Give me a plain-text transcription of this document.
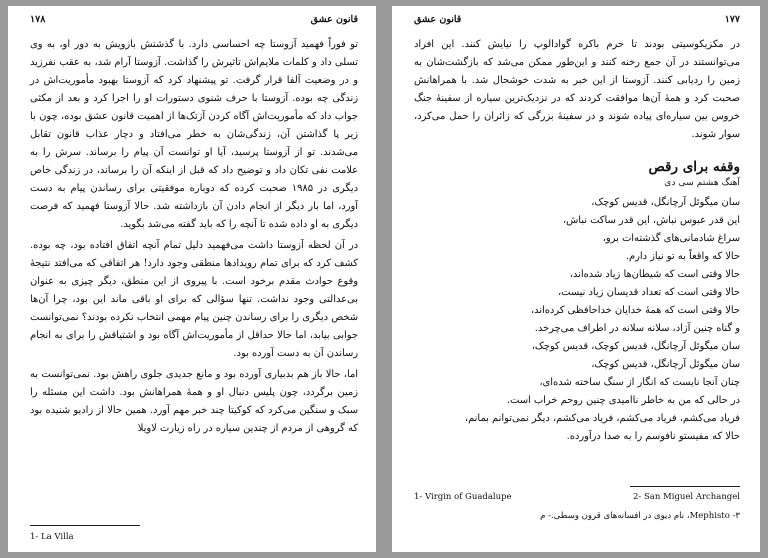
قانون عشق
۱۷۸

تو فوراً فهمید آزوستا چه احساسی دارد. با گذشتش بازویش به دور او، به وی تسلی داد و کلمات ملایم‌اش تاثیرش را گذاشت. آزوستا آرام شد، به عقب نفرزید و در وضعیت آلفا قرار گرفت. تو پیشنهاد کرد که آزوستا بهبود مأموریت‌اش در زندگی چه بوده. آزوستا با حرف شنوی دستورات او را اجرا کرد و بعد از مکثی جواب داد که مأموریت‌اش آگاه کردن آزتک‌ها از اهمیت قانون عشق بوده، چون با زیر پا گذاشتن آن، زندگی‌شان به خطر می‌افتاد و دچار عذاب قانون تقابل می‌شدند. تو از آزوستا پرسید، آیا او توانست آن پیام را برساند. سرش را به علامت نفی تکان داد و توضیح داد که قبل از اینکه آن را برساند، در زندگی خاص دیگری در ۱۹۸۵ صحبت کرده که دوباره موفقیتی برای رساندن پیام به دست آورد، اما بار دیگر از انجام دادن آن بازداشته شد. حالا آزوستا فهمید که فرصت دیگری به او داده شده تا آنچه را که باید گفته می‌شد بگوید.

در آن لحظه آزوستا داشت می‌فهمید دلیل تمام آنچه اتفاق افتاده بود، چه بوده. کشف کرد که برای تمام رویدادها منطقی وجود دارد! هر اتفاقی که می‌افتد نتیجهٔ وقوع حوادث مقدم برخود است. با پیروی از این منطق، دیگر چیزی به عنوان بی‌عدالتی وجود نداشت. تنها سؤالی که برای او باقی ماند این بود، چرا آن‌ها شخص دیگری را برای رساندن چنین پیام مهمی انتخاب نکرده بودند؟ نمی‌توانست جوابی بیابد، اما حالا حداقل از مأموریت‌اش آگاه بود و اشتیاقش را برای به انجام رساندن آن به دست آورده بود.

اما، حالا باز هم بدبیاری آورده بود و مانع جدیدی جلوی راهش بود. نمی‌توانست به زمین برگردد، چون پلیس دنبال او و همهٔ همراهانش بود. داشت این مسئله را سبک و سنگین می‌کرد که کوکیتا چند خبر مهم آورد. همین حالا از رادیو شنیده بود که گروهی از مردم از چندین سیاره در راه زیارت لاویلا

1- La Villa
۱۷۷
قانون عشق

در مکزیکوسیتی بودند تا حرم باکره گوادالوپ را نیایش کنند. این افراد می‌توانستند در آن جمع رخنه کنند و این‌طور ممکن می‌شد که بازگشت‌شان به زمین را ردیابی کنند. آزوستا از این خبر به شدت خوشحال شد. با همراهانش صحبت کرد و همهٔ آن‌ها موافقت کردند که در نزدیک‌ترین سیاره از سفینهٔ جنگ خروس بین سیاره‌ای پیاده شوند و در سفینهٔ بزرگی که زائران را حمل می‌کرد، سوار شوند.

وقفه برای رقص
آهنگ هشتم سی دی
سان میگوئل آرچانگل، قدیس کوچک،
این قدر عبوس نباش، این قدر ساکت نباش،
سراغ شادمانی‌های گذشته‌ات برو،
حالا که واقعاً به تو نیاز دارم.
حالا وقتی است که شیطان‌ها زیاد شده‌اند،
حالا وقتی است که تعداد قدیسان زیاد نیست،
حالا وقتی است که همهٔ خدایان خداحافظی کرده‌اند،
و گناه چنین آزاد، سلانه سلانه در اطراف می‌چرخد.
سان میگوئل آرچانگل، قدیس کوچک، قدیس کوچک،
سان میگوئل آرچانگل، قدیس کوچک،
چنان آنجا نایست که انگار از سنگ ساخته شده‌ای،
در حالی که من به خاطر ناامیدی چنین روحم خراب است.
فریاد می‌کشم، فریاد می‌کشم، فریاد می‌کشم، دیگر نمی‌توانم بمانم،
حالا که مفیستو نافوسم را به صدا درآورده.
1- Virgin of Guadalupe	2- San Miguel Archangel
۳- Mephisto، نام دیوی در افسانه‌های قرون وسطی.- م
